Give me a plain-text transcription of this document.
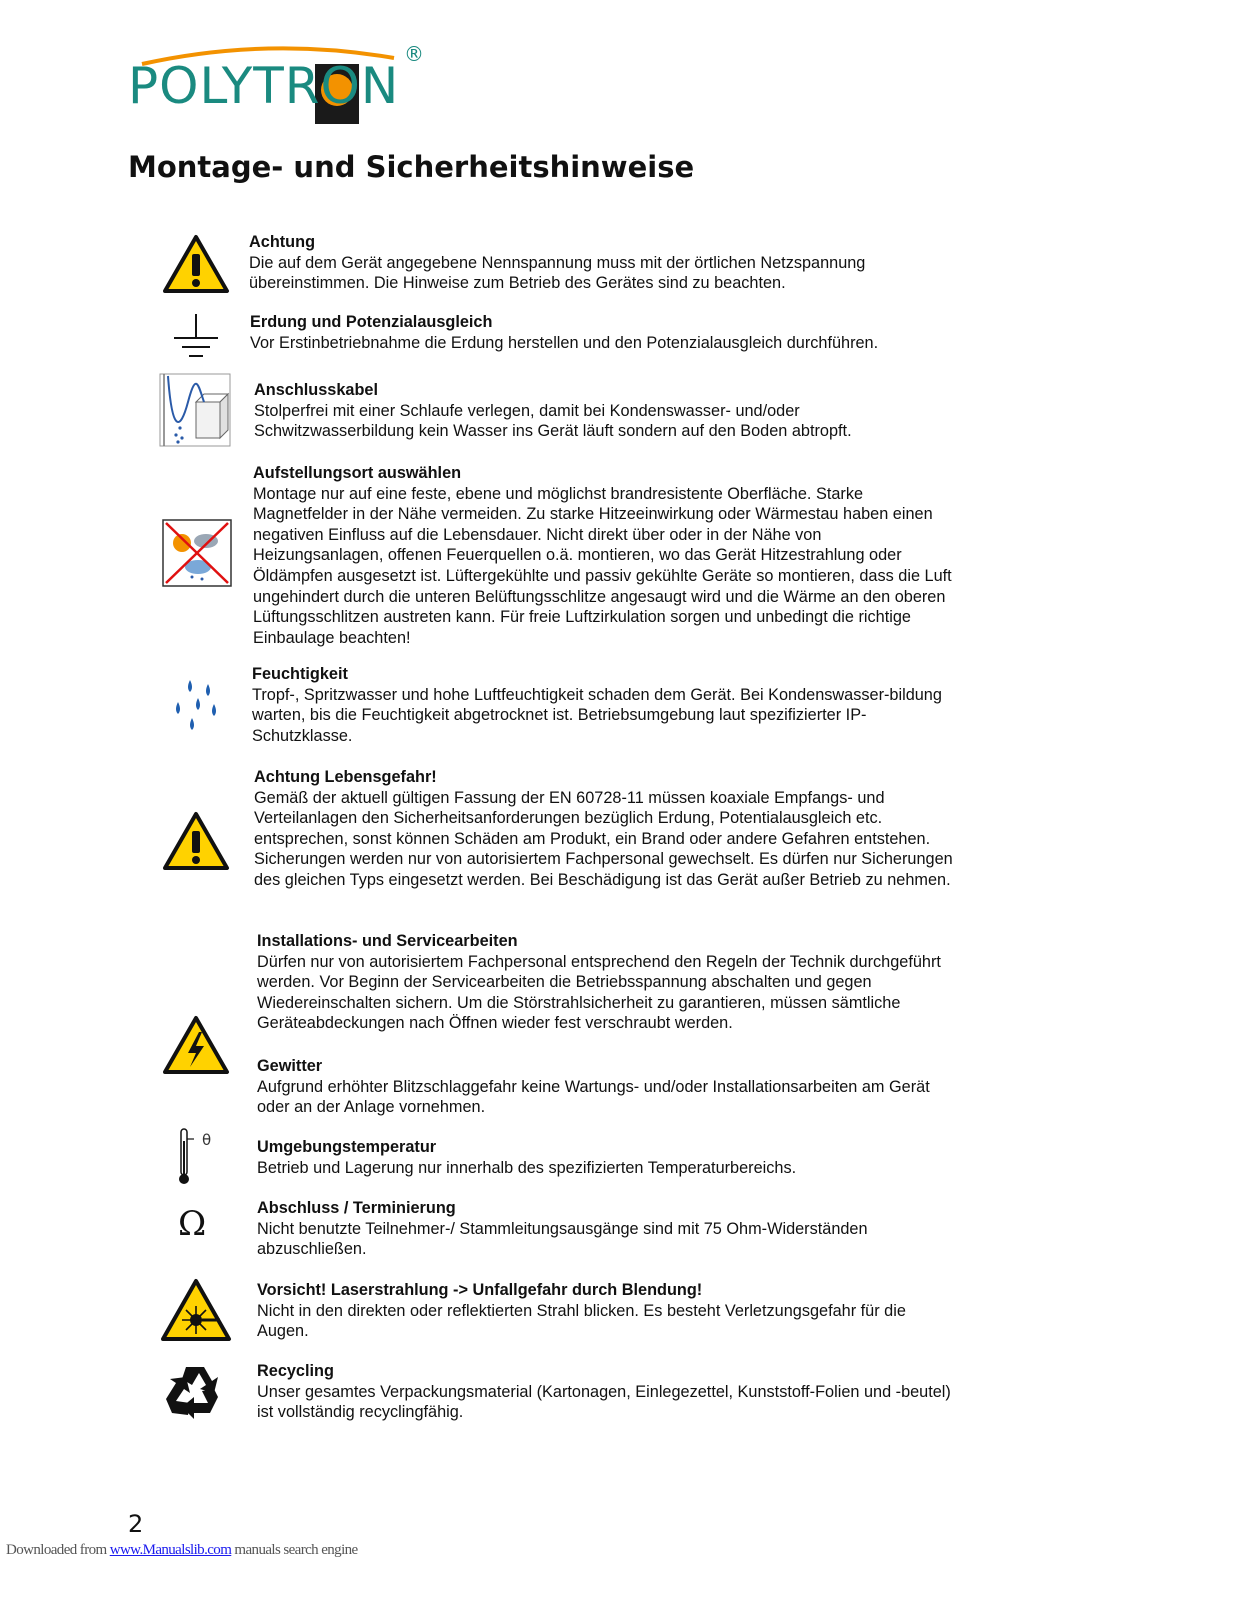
POLYTRON
®
Montage- und Sicherheitshinweise
Achtung
Die auf dem Gerät angegebene Nennspannung muss mit der örtlichen Netzspannung übereinstimmen. Die Hinweise zum Betrieb des Gerätes sind zu beachten.
Erdung und Potenzialausgleich
Vor Erstinbetriebnahme die Erdung herstellen und den Potenzialausgleich durchführen.
Anschlusskabel
Stolperfrei mit einer Schlaufe verlegen, damit bei Kondenswasser- und/oder Schwitzwasserbildung kein Wasser ins Gerät läuft sondern auf den Boden abtropft.
Aufstellungsort auswählen
Montage nur auf eine feste, ebene und möglichst brandresistente Oberfläche. Starke Magnetfelder in der Nähe vermeiden. Zu starke Hitzeeinwirkung oder Wärmestau haben einen negativen Einfluss auf die Lebensdauer. Nicht direkt über oder in der Nähe von Heizungsanlagen, offenen Feuerquellen o.ä. montieren, wo das Gerät Hitzestrahlung oder Öldämpfen ausgesetzt ist. Lüftergekühlte und passiv gekühlte Geräte so montieren, dass die Luft ungehindert durch die unteren Belüftungsschlitze angesaugt wird und die Wärme an den oberen Lüftungsschlitzen austreten kann. Für freie Luftzirkulation sorgen und unbedingt die richtige Einbaulage beachten!
Feuchtigkeit
Tropf-, Spritzwasser und hohe Luftfeuchtigkeit schaden dem Gerät. Bei Kondenswasser-bildung warten, bis die Feuchtigkeit abgetrocknet ist. Betriebsumgebung laut spezifizierter IP-Schutzklasse.
Achtung Lebensgefahr!
Gemäß der aktuell gültigen Fassung der EN 60728-11 müssen koaxiale Empfangs- und Verteilanlagen den Sicherheitsanforderungen bezüglich Erdung, Potentialausgleich etc. entsprechen, sonst können Schäden am Produkt, ein Brand oder andere Gefahren entstehen. Sicherungen werden nur von autorisiertem Fachpersonal gewechselt. Es dürfen nur Sicherungen des gleichen Typs eingesetzt werden. Bei Beschädigung ist das Gerät außer Betrieb zu nehmen.
Installations- und Servicearbeiten
Dürfen nur von autorisiertem Fachpersonal entsprechend den Regeln der Technik durchgeführt werden. Vor Beginn der Servicearbeiten die Betriebsspannung abschalten und gegen Wiedereinschalten sichern. Um die Störstrahlsicherheit zu garantieren, müssen sämtliche Geräteabdeckungen nach Öffnen wieder fest verschraubt werden.
Gewitter
Aufgrund erhöhter Blitzschlaggefahr keine Wartungs- und/oder Installationsarbeiten am Gerät oder an der Anlage vornehmen.
θ	Umgebungstemperatur
Betrieb und Lagerung nur innerhalb des spezifizierten Temperaturbereichs.
Ω	Abschluss / Terminierung
Nicht benutzte Teilnehmer-/ Stammleitungsausgänge sind mit 75 Ohm-Widerständen abzuschließen.
Vorsicht! Laserstrahlung -> Unfallgefahr durch Blendung!
Nicht in den direkten oder reflektierten Strahl blicken. Es besteht Verletzungsgefahr für die Augen.
Recycling
Unser gesamtes Verpackungsmaterial (Kartonagen, Einlegezettel, Kunststoff-Folien und -beutel) ist vollständig recyclingfähig.
2
Downloaded from www.Manualslib.com manuals search engine
